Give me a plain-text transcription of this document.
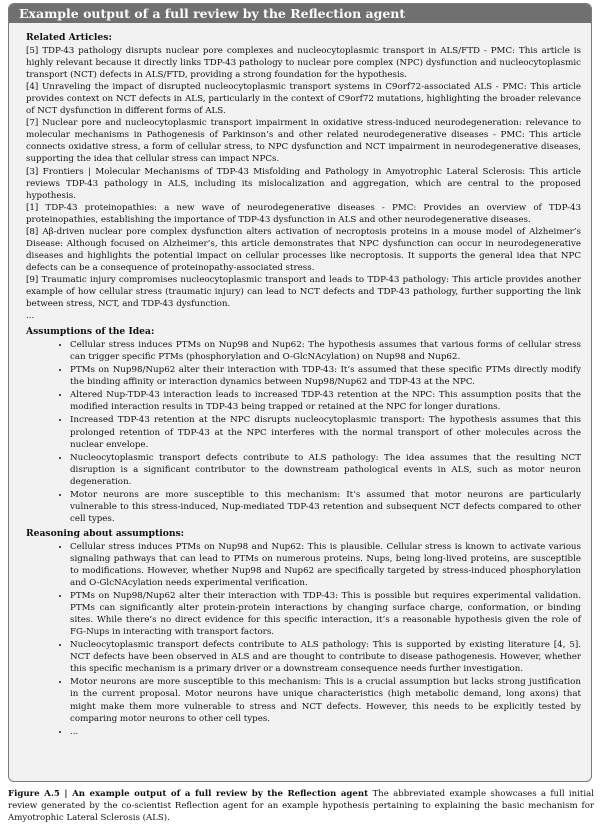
Example output of a full review by the Reflection agent
Related Articles:

[5] TDP-43 pathology disrupts nuclear pore complexes and nucleocytoplasmic transport in ALS/FTD - PMC: This article is highly relevant because it directly links TDP-43 pathology to nuclear pore complex (NPC) dysfunction and nucleocytoplasmic transport (NCT) defects in ALS/FTD, providing a strong foundation for the hypothesis.

[4] Unraveling the impact of disrupted nucleocytoplasmic transport systems in C9orf72-associated ALS - PMC: This article provides context on NCT defects in ALS, particularly in the context of C9orf72 mutations, highlighting the broader relevance of NCT dysfunction in different forms of ALS.

[7] Nuclear pore and nucleocytoplasmic transport impairment in oxidative stress-induced neurodegeneration: relevance to molecular mechanisms in Pathogenesis of Parkinson’s and other related neurodegenerative diseases - PMC: This article connects oxidative stress, a form of cellular stress, to NPC dysfunction and NCT impairment in neurodegenerative diseases, supporting the idea that cellular stress can impact NPCs.

[3] Frontiers | Molecular Mechanisms of TDP-43 Misfolding and Pathology in Amyotrophic Lateral Sclerosis: This article reviews TDP-43 pathology in ALS, including its mislocalization and aggregation, which are central to the proposed hypothesis.

[1] TDP-43 proteinopathies: a new wave of neurodegenerative diseases - PMC: Provides an overview of TDP-43 proteinopathies, establishing the importance of TDP-43 dysfunction in ALS and other neurodegenerative diseases.

[8] Aβ-driven nuclear pore complex dysfunction alters activation of necroptosis proteins in a mouse model of Alzheimer’s Disease: Although focused on Alzheimer’s, this article demonstrates that NPC dysfunction can occur in neurodegenerative diseases and highlights the potential impact on cellular processes like necroptosis. It supports the general idea that NPC defects can be a consequence of proteinopathy-associated stress.

[9] Traumatic injury compromises nucleocytoplasmic transport and leads to TDP-43 pathology: This article provides another example of how cellular stress (traumatic injury) can lead to NCT defects and TDP-43 pathology, further supporting the link between stress, NCT, and TDP-43 dysfunction.

...

Assumptions of the Idea:
• Cellular stress induces PTMs on Nup98 and Nup62: The hypothesis assumes that various forms of cellular stress can trigger specific PTMs (phosphorylation and O-GlcNAcylation) on Nup98 and Nup62.
• PTMs on Nup98/Nup62 alter their interaction with TDP-43: It’s assumed that these specific PTMs directly modify the binding affinity or interaction dynamics between Nup98/Nup62 and TDP-43 at the NPC.
• Altered Nup-TDP-43 interaction leads to increased TDP-43 retention at the NPC: This assumption posits that the modified interaction results in TDP-43 being trapped or retained at the NPC for longer durations.
• Increased TDP-43 retention at the NPC disrupts nucleocytoplasmic transport: The hypothesis assumes that this prolonged retention of TDP-43 at the NPC interferes with the normal transport of other molecules across the nuclear envelope.
• Nucleocytoplasmic transport defects contribute to ALS pathology: The idea assumes that the resulting NCT disruption is a significant contributor to the downstream pathological events in ALS, such as motor neuron degeneration.
• Motor neurons are more susceptible to this mechanism: It’s assumed that motor neurons are particularly vulnerable to this stress-induced, Nup-mediated TDP-43 retention and subsequent NCT defects compared to other cell types.
Reasoning about assumptions:
• Cellular stress induces PTMs on Nup98 and Nup62: This is plausible. Cellular stress is known to activate various signaling pathways that can lead to PTMs on numerous proteins. Nups, being long-lived proteins, are susceptible to modifications. However, whether Nup98 and Nup62 are specifically targeted by stress-induced phosphorylation and O-GlcNAcylation needs experimental verification.
• PTMs on Nup98/Nup62 alter their interaction with TDP-43: This is possible but requires experimental validation. PTMs can significantly alter protein-protein interactions by changing surface charge, conformation, or binding sites. While there’s no direct evidence for this specific interaction, it’s a reasonable hypothesis given the role of FG-Nups in interacting with transport factors.
• Nucleocytoplasmic transport defects contribute to ALS pathology: This is supported by existing literature [4, 5]. NCT defects have been observed in ALS and are thought to contribute to disease pathogenesis. However, whether this specific mechanism is a primary driver or a downstream consequence needs further investigation.
• Motor neurons are more susceptible to this mechanism: This is a crucial assumption but lacks strong justification in the current proposal. Motor neurons have unique characteristics (high metabolic demand, long axons) that might make them more vulnerable to stress and NCT defects. However, this needs to be explicitly tested by comparing motor neurons to other cell types.
• ...
Figure A.5 | An example output of a full review by the Reflection agent The abbreviated example showcases a full initial review generated by the co-scientist Reflection agent for an example hypothesis pertaining to explaining the basic mechanism for Amyotrophic Lateral Sclerosis (ALS).
